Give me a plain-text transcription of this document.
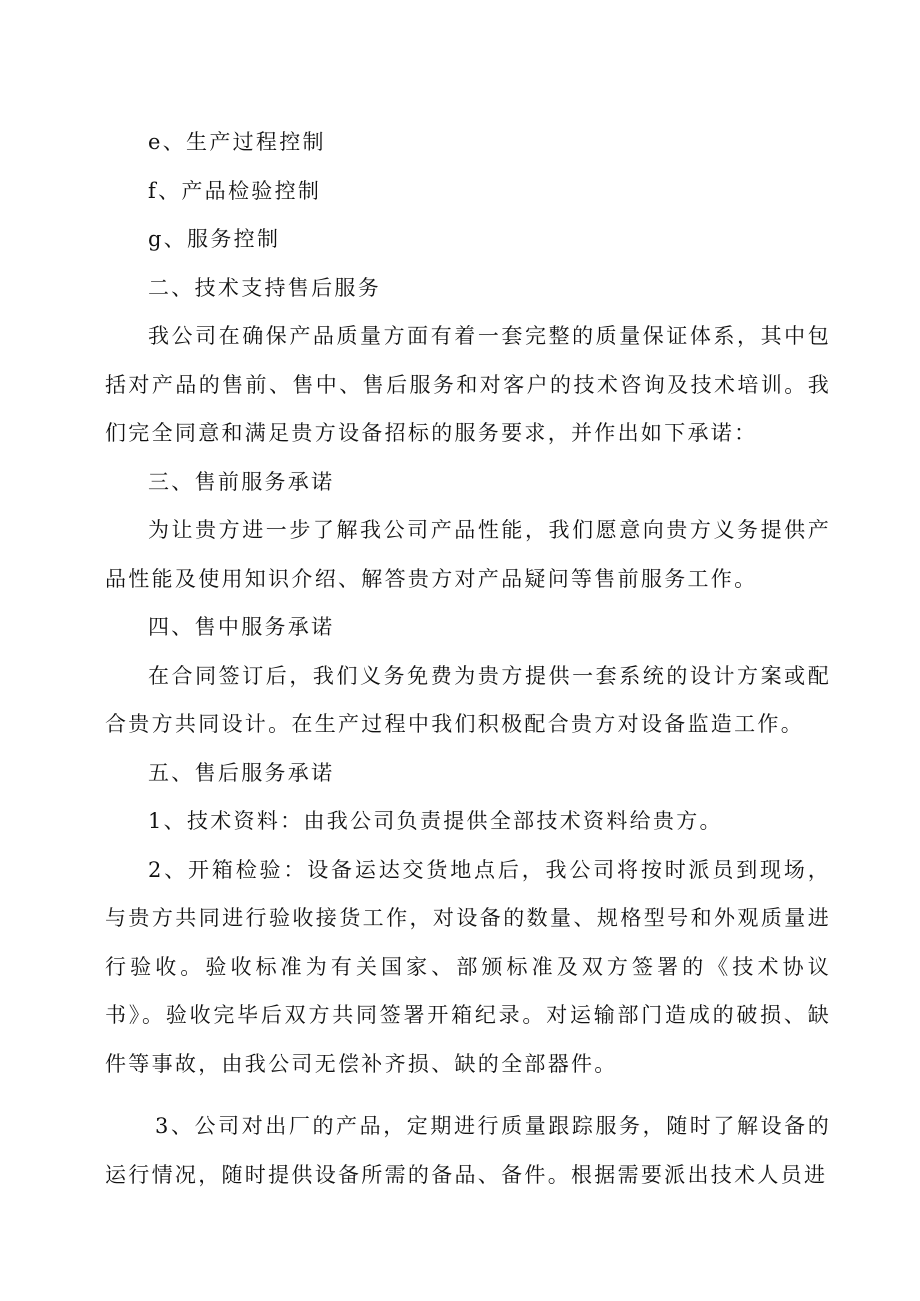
e、生产过程控制

f、产品检验控制

g、服务控制

二、技术支持售后服务

我公司在确保产品质量方面有着一套完整的质量保证体系，其中包括对产品的售前、售中、售后服务和对客户的技术咨询及技术培训。我们完全同意和满足贵方设备招标的服务要求，并作出如下承诺：

三、售前服务承诺

为让贵方进一步了解我公司产品性能，我们愿意向贵方义务提供产品性能及使用知识介绍、解答贵方对产品疑问等售前服务工作。

四、售中服务承诺

在合同签订后，我们义务免费为贵方提供一套系统的设计方案或配合贵方共同设计。在生产过程中我们积极配合贵方对设备监造工作。

五、售后服务承诺

1、技术资料：由我公司负责提供全部技术资料给贵方。

2、开箱检验：设备运达交货地点后，我公司将按时派员到现场，与贵方共同进行验收接货工作，对设备的数量、规格型号和外观质量进行验收。验收标准为有关国家、部颁标准及双方签署的《技术协议书》。验收完毕后双方共同签署开箱纪录。对运输部门造成的破损、缺件等事故，由我公司无偿补齐损、缺的全部器件。

3、公司对出厂的产品，定期进行质量跟踪服务，随时了解设备的运行情况，随时提供设备所需的备品、备件。根据需要派出技术人员进
